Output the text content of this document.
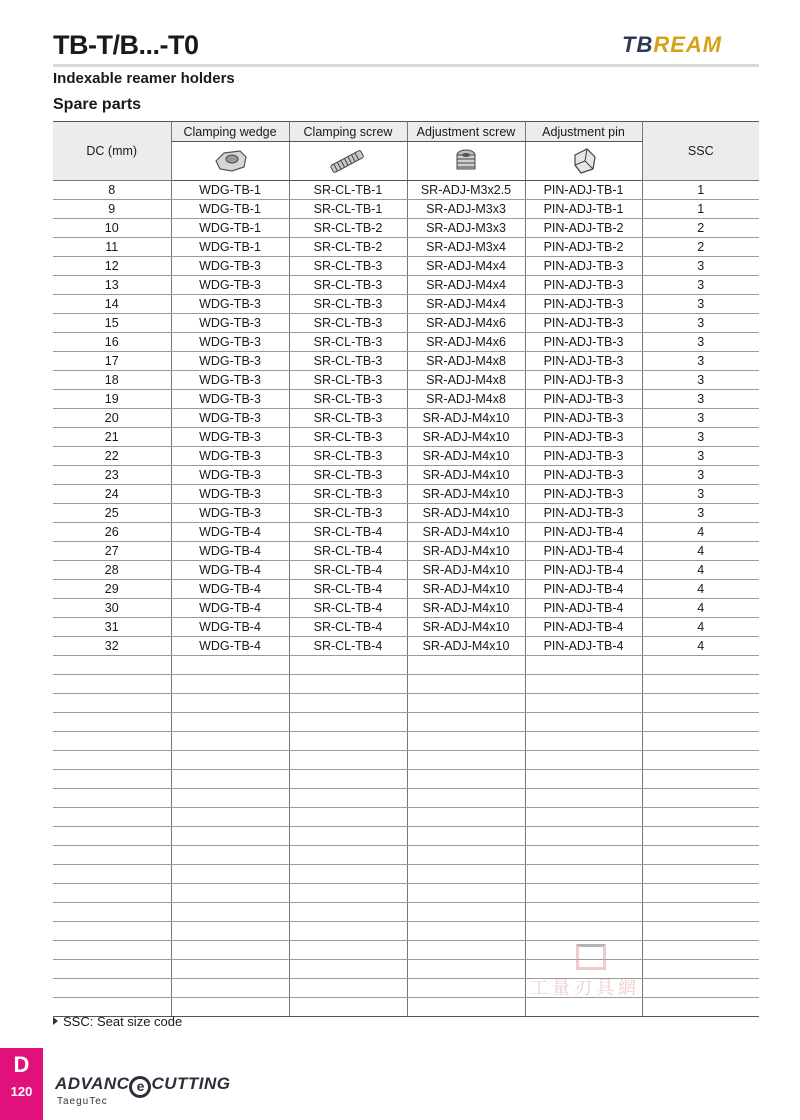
TB-T/B...-T0	TBREAM
Indexable reamer holders
Spare parts
DC (mm)	Clamping wedge	Clamping screw	Adjustment screw	Adjustment pin	SSC

8	WDG-TB-1	SR-CL-TB-1	SR-ADJ-M3x2.5	PIN-ADJ-TB-1	1
9	WDG-TB-1	SR-CL-TB-1	SR-ADJ-M3x3	PIN-ADJ-TB-1	1
10	WDG-TB-1	SR-CL-TB-2	SR-ADJ-M3x3	PIN-ADJ-TB-2	2
11	WDG-TB-1	SR-CL-TB-2	SR-ADJ-M3x4	PIN-ADJ-TB-2	2
12	WDG-TB-3	SR-CL-TB-3	SR-ADJ-M4x4	PIN-ADJ-TB-3	3
13	WDG-TB-3	SR-CL-TB-3	SR-ADJ-M4x4	PIN-ADJ-TB-3	3
14	WDG-TB-3	SR-CL-TB-3	SR-ADJ-M4x4	PIN-ADJ-TB-3	3
15	WDG-TB-3	SR-CL-TB-3	SR-ADJ-M4x6	PIN-ADJ-TB-3	3
16	WDG-TB-3	SR-CL-TB-3	SR-ADJ-M4x6	PIN-ADJ-TB-3	3
17	WDG-TB-3	SR-CL-TB-3	SR-ADJ-M4x8	PIN-ADJ-TB-3	3
18	WDG-TB-3	SR-CL-TB-3	SR-ADJ-M4x8	PIN-ADJ-TB-3	3
19	WDG-TB-3	SR-CL-TB-3	SR-ADJ-M4x8	PIN-ADJ-TB-3	3
20	WDG-TB-3	SR-CL-TB-3	SR-ADJ-M4x10	PIN-ADJ-TB-3	3
21	WDG-TB-3	SR-CL-TB-3	SR-ADJ-M4x10	PIN-ADJ-TB-3	3
22	WDG-TB-3	SR-CL-TB-3	SR-ADJ-M4x10	PIN-ADJ-TB-3	3
23	WDG-TB-3	SR-CL-TB-3	SR-ADJ-M4x10	PIN-ADJ-TB-3	3
24	WDG-TB-3	SR-CL-TB-3	SR-ADJ-M4x10	PIN-ADJ-TB-3	3
25	WDG-TB-3	SR-CL-TB-3	SR-ADJ-M4x10	PIN-ADJ-TB-3	3
26	WDG-TB-4	SR-CL-TB-4	SR-ADJ-M4x10	PIN-ADJ-TB-4	4
27	WDG-TB-4	SR-CL-TB-4	SR-ADJ-M4x10	PIN-ADJ-TB-4	4
28	WDG-TB-4	SR-CL-TB-4	SR-ADJ-M4x10	PIN-ADJ-TB-4	4
29	WDG-TB-4	SR-CL-TB-4	SR-ADJ-M4x10	PIN-ADJ-TB-4	4
30	WDG-TB-4	SR-CL-TB-4	SR-ADJ-M4x10	PIN-ADJ-TB-4	4
31	WDG-TB-4	SR-CL-TB-4	SR-ADJ-M4x10	PIN-ADJ-TB-4	4
32	WDG-TB-4	SR-CL-TB-4	SR-ADJ-M4x10	PIN-ADJ-TB-4	4

SSC: Seat size code
工量刃具網
D
120	ADVANC e CUTTING
TaeguTec
